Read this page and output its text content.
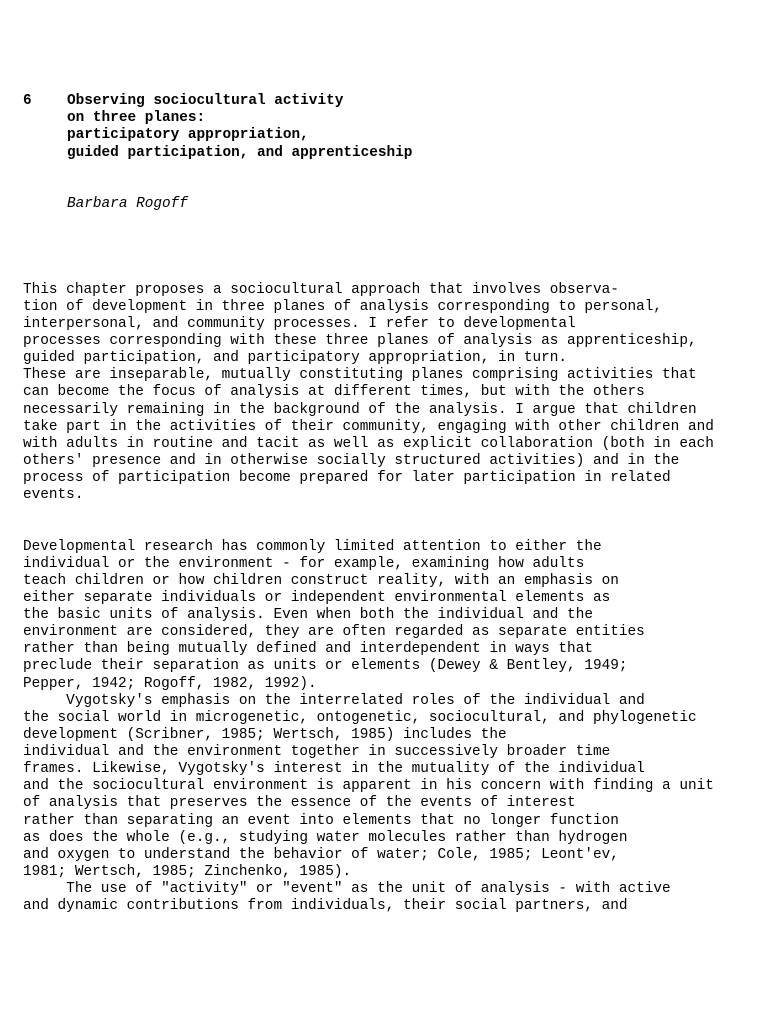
6 Observing sociocultural activity
on three planes:
participatory appropriation,
guided participation, and apprenticeship
Barbara Rogoff
This chapter proposes a sociocultural approach that involves observa-
tion of development in three planes of analysis corresponding to personal,
interpersonal, and community processes. I refer to developmental
processes corresponding with these three planes of analysis as apprenticeship,
guided participation, and participatory appropriation, in turn.
These are inseparable, mutually constituting planes comprising activities that
can become the focus of analysis at different times, but with the others
necessarily remaining in the background of the analysis. I argue that children
take part in the activities of their community, engaging with other children and
with adults in routine and tacit as well as explicit collaboration (both in each
others' presence and in otherwise socially structured activities) and in the
process of participation become prepared for later participation in related
events.
Developmental research has commonly limited attention to either the
individual or the environment - for example, examining how adults
teach children or how children construct reality, with an emphasis on
either separate individuals or independent environmental elements as
the basic units of analysis. Even when both the individual and the
environment are considered, they are often regarded as separate entities
rather than being mutually defined and interdependent in ways that
preclude their separation as units or elements (Dewey & Bentley, 1949;
Pepper, 1942; Rogoff, 1982, 1992).
Vygotsky's emphasis on the interrelated roles of the individual and
the social world in microgenetic, ontogenetic, sociocultural, and phylogenetic
development (Scribner, 1985; Wertsch, 1985) includes the
individual and the environment together in successively broader time
frames. Likewise, Vygotsky's interest in the mutuality of the individual
and the sociocultural environment is apparent in his concern with finding a unit
of analysis that preserves the essence of the events of interest
rather than separating an event into elements that no longer function
as does the whole (e.g., studying water molecules rather than hydrogen
and oxygen to understand the behavior of water; Cole, 1985; Leont'ev,
1981; Wertsch, 1985; Zinchenko, 1985).
The use of "activity" or "event" as the unit of analysis - with active
and dynamic contributions from individuals, their social partners, and
